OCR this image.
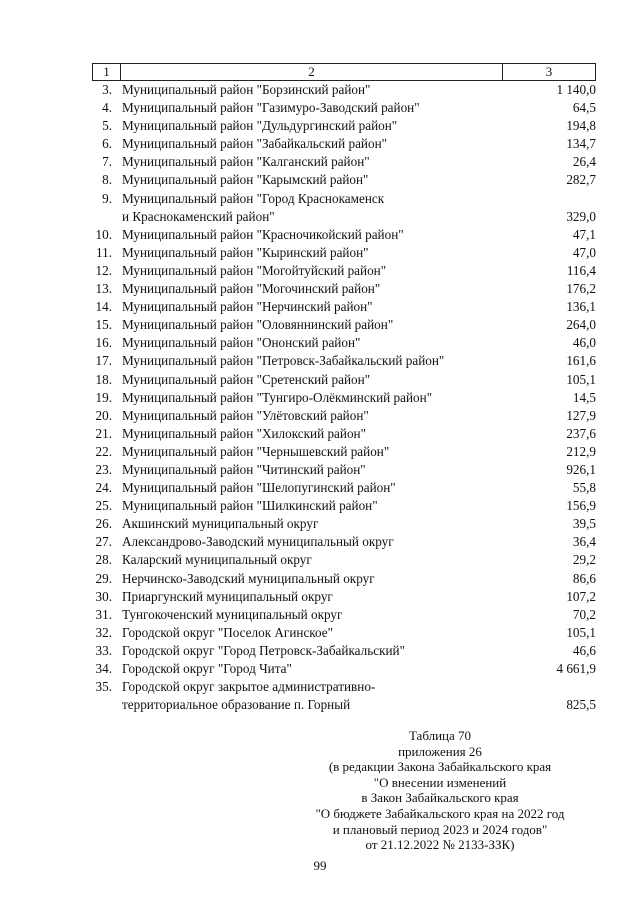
1	2	3
3. Муниципальный район "Борзинский район"	1 140,0
4. Муниципальный район "Газимуро-Заводский район"	64,5
5. Муниципальный район "Дульдургинский район"	194,8
6. Муниципальный район "Забайкальский район"	134,7
7. Муниципальный район "Калганский район"	26,4
8. Муниципальный район "Карымский район"	282,7
9. Муниципальный район "Город Краснокаменск
и Краснокаменский район"	329,0
10. Муниципальный район "Красночикойский район"	47,1
11. Муниципальный район "Кыринский район"	47,0
12. Муниципальный район "Могойтуйский район"	116,4
13. Муниципальный район "Могочинский район"	176,2
14. Муниципальный район "Нерчинский район"	136,1
15. Муниципальный район "Оловяннинский район"	264,0
16. Муниципальный район "Ононский район"	46,0
17. Муниципальный район "Петровск-Забайкальский район"	161,6
18. Муниципальный район "Сретенский район"	105,1
19. Муниципальный район "Тунгиро-Олёкминский район"	14,5
20. Муниципальный район "Улётовский район"	127,9
21. Муниципальный район "Хилокский район"	237,6
22. Муниципальный район "Чернышевский район"	212,9
23. Муниципальный район "Читинский район"	926,1
24. Муниципальный район "Шелопугинский район"	55,8
25. Муниципальный район "Шилкинский район"	156,9
26. Акшинский муниципальный округ	39,5
27. Александрово-Заводский муниципальный округ	36,4
28. Каларский муниципальный округ	29,2
29. Нерчинско-Заводский муниципальный округ	86,6
30. Приаргунский муниципальный округ	107,2
31. Тунгокоченский муниципальный округ	70,2
32. Городской округ "Поселок Агинское"	105,1
33. Городской округ "Город Петровск-Забайкальский"	46,6
34. Городской округ "Город Чита"	4 661,9
35. Городской округ закрытое административно-
территориальное образование п. Горный	825,5
Таблица 70
приложения 26
(в редакции Закона Забайкальского края
"О внесении изменений
в Закон Забайкальского края
"О бюджете Забайкальского края на 2022 год
и плановый период 2023 и 2024 годов"
от 21.12.2022 № 2133-ЗЗК)
99
